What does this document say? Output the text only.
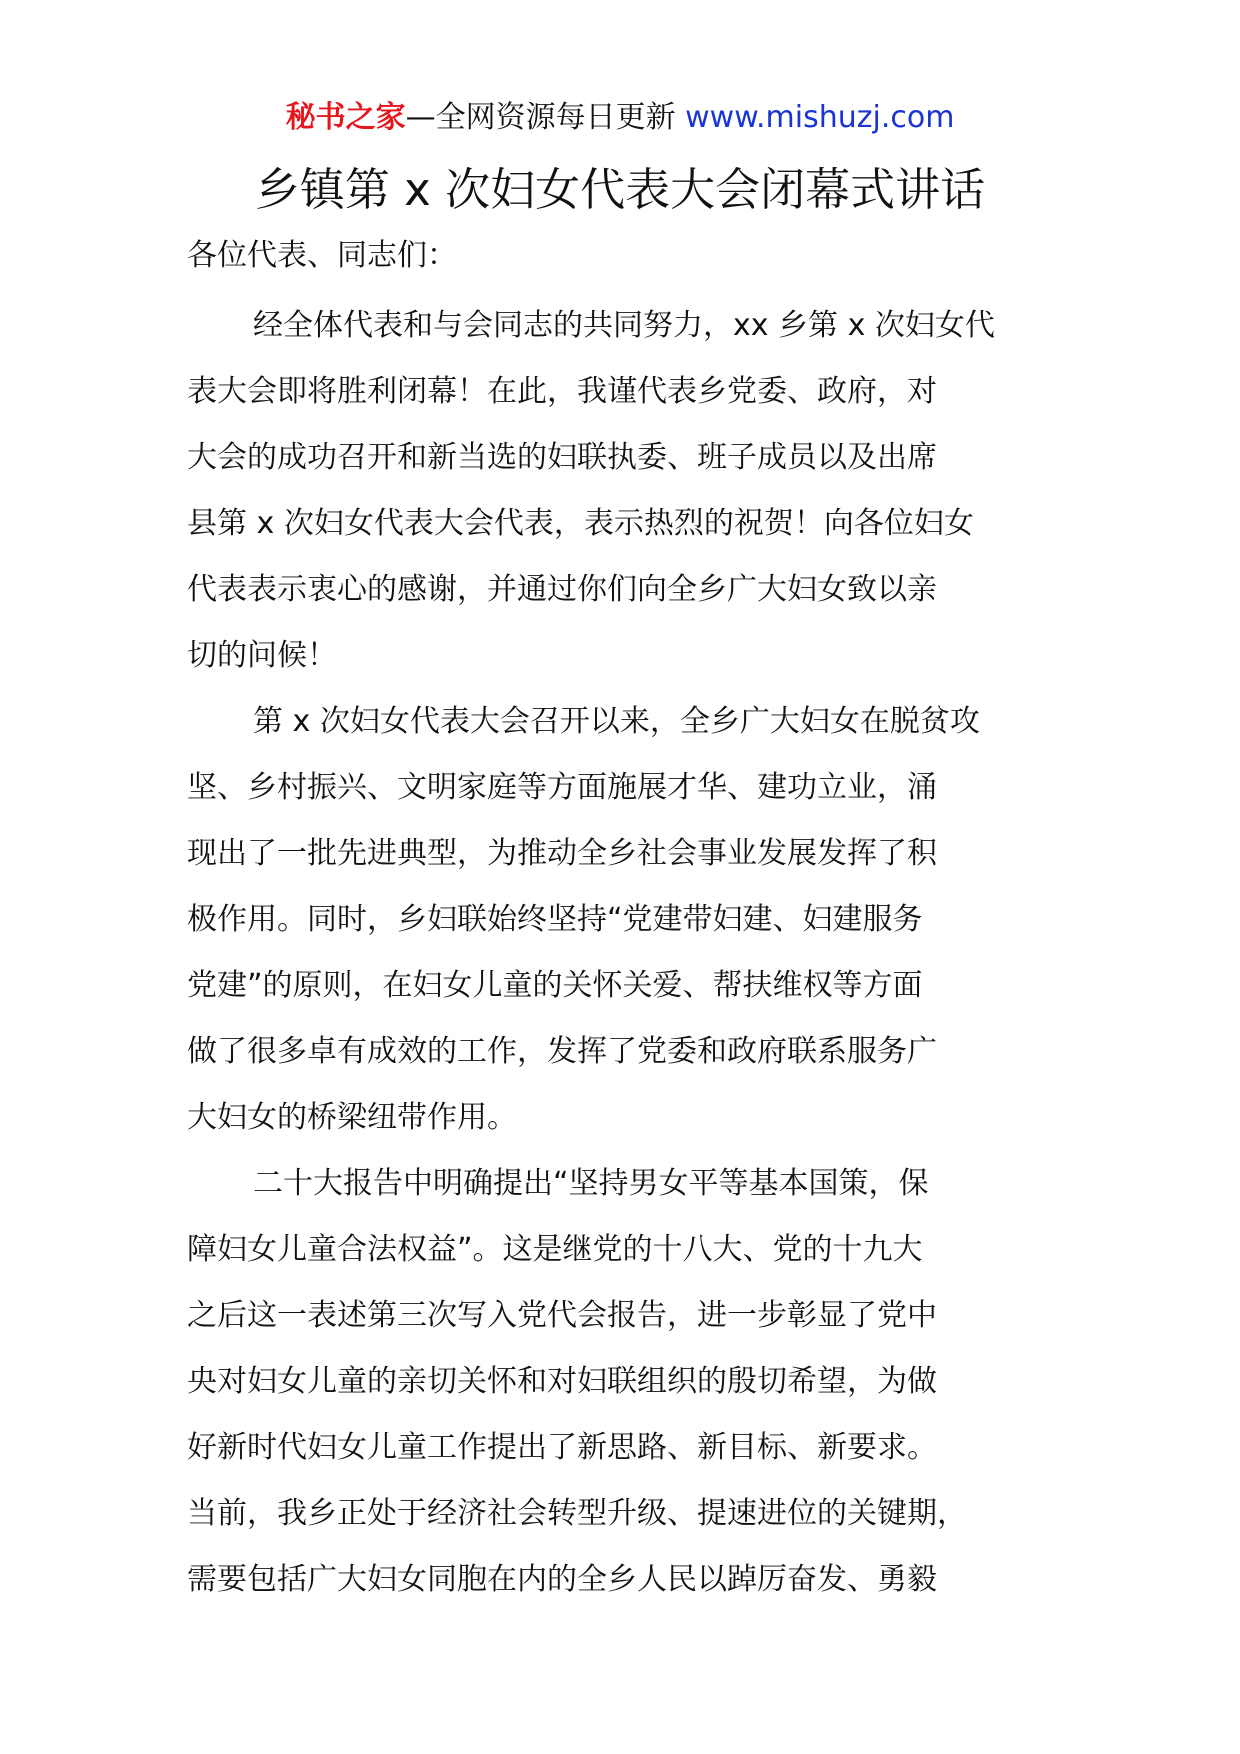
秘书之家—全网资源每日更新 www.mishuzj.com
乡镇第 x 次妇女代表大会闭幕式讲话
各位代表、同志们：

经全体代表和与会同志的共同努力，xx 乡第 x 次妇女代
表大会即将胜利闭幕！在此，我谨代表乡党委、政府，对
大会的成功召开和新当选的妇联执委、班子成员以及出席
县第 x 次妇女代表大会代表，表示热烈的祝贺！向各位妇女
代表表示衷心的感谢，并通过你们向全乡广大妇女致以亲
切的问候！

第 x 次妇女代表大会召开以来，全乡广大妇女在脱贫攻
坚、乡村振兴、文明家庭等方面施展才华、建功立业，涌
现出了一批先进典型，为推动全乡社会事业发展发挥了积
极作用。同时，乡妇联始终坚持“党建带妇建、妇建服务
党建”的原则，在妇女儿童的关怀关爱、帮扶维权等方面
做了很多卓有成效的工作，发挥了党委和政府联系服务广
大妇女的桥梁纽带作用。

二十大报告中明确提出“坚持男女平等基本国策，保
障妇女儿童合法权益”。这是继党的十八大、党的十九大
之后这一表述第三次写入党代会报告，进一步彰显了党中
央对妇女儿童的亲切关怀和对妇联组织的殷切希望，为做
好新时代妇女儿童工作提出了新思路、新目标、新要求。
当前，我乡正处于经济社会转型升级、提速进位的关键期，
需要包括广大妇女同胞在内的全乡人民以踔厉奋发、勇毅
